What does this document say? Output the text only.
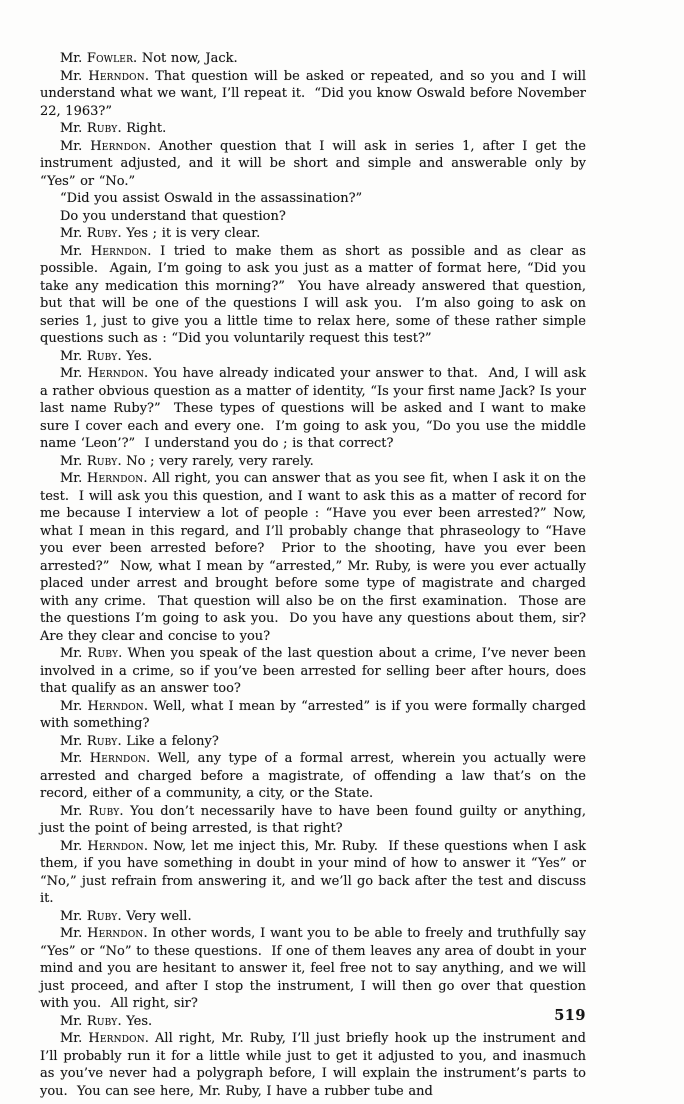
Mr. Fowler. Not now, Jack.

Mr. Herndon. That question will be asked or repeated, and so you and I will understand what we want, I’ll repeat it.  “Did you know Oswald before November 22, 1963?”

Mr. Ruby. Right.

Mr. Herndon. Another question that I will ask in series 1, after I get the instrument adjusted, and it will be short and simple and answerable only by “Yes” or “No.”

“Did you assist Oswald in the assassination?”

Do you understand that question?

Mr. Ruby. Yes ; it is very clear.

Mr. Herndon. I tried to make them as short as possible and as clear as possible.  Again, I’m going to ask you just as a matter of format here, “Did you take any medication this morning?”  You have already answered that question, but that will be one of the questions I will ask you.  I’m also going to ask on series 1, just to give you a little time to relax here, some of these rather simple questions such as : “Did you voluntarily request this test?”

Mr. Ruby. Yes.

Mr. Herndon. You have already indicated your answer to that.  And, I will ask a rather obvious question as a matter of identity, “Is your first name Jack? Is your last name Ruby?”  These types of questions will be asked and I want to make sure I cover each and every one.  I’m going to ask you, “Do you use the middle name ‘Leon’?”  I understand you do ; is that correct?

Mr. Ruby. No ; very rarely, very rarely.

Mr. Herndon. All right, you can answer that as you see fit, when I ask it on the test.  I will ask you this question, and I want to ask this as a matter of record for me because I interview a lot of people : “Have you ever been arrested?” Now, what I mean in this regard, and I’ll probably change that phraseology to “Have you ever been arrested before?  Prior to the shooting, have you ever been arrested?”  Now, what I mean by “arrested,” Mr. Ruby, is were you ever actually placed under arrest and brought before some type of magistrate and charged with any crime.  That question will also be on the first examination.  Those are the questions I’m going to ask you.  Do you have any questions about them, sir? Are they clear and concise to you?

Mr. Ruby. When you speak of the last question about a crime, I’ve never been involved in a crime, so if you’ve been arrested for selling beer after hours, does that qualify as an answer too?

Mr. Herndon. Well, what I mean by “arrested” is if you were formally charged with something?

Mr. Ruby. Like a felony?

Mr. Herndon. Well, any type of a formal arrest, wherein you actually were arrested and charged before a magistrate, of offending a law that’s on the record, either of a community, a city, or the State.

Mr. Ruby. You don’t necessarily have to have been found guilty or anything, just the point of being arrested, is that right?

Mr. Herndon. Now, let me inject this, Mr. Ruby.  If these questions when I ask them, if you have something in doubt in your mind of how to answer it “Yes” or “No,” just refrain from answering it, and we’ll go back after the test and discuss it.

Mr. Ruby. Very well.

Mr. Herndon. In other words, I want you to be able to freely and truthfully say “Yes” or “No” to these questions.  If one of them leaves any area of doubt in your mind and you are hesitant to answer it, feel free not to say anything, and we will just proceed, and after I stop the instrument, I will then go over that question with you.  All right, sir?

Mr. Ruby. Yes.

Mr. Herndon. All right, Mr. Ruby, I’ll just briefly hook up the instrument and I’ll probably run it for a little while just to get it adjusted to you, and inasmuch as you’ve never had a polygraph before, I will explain the instrument’s parts to you.  You can see here, Mr. Ruby, I have a rubber tube and

519
